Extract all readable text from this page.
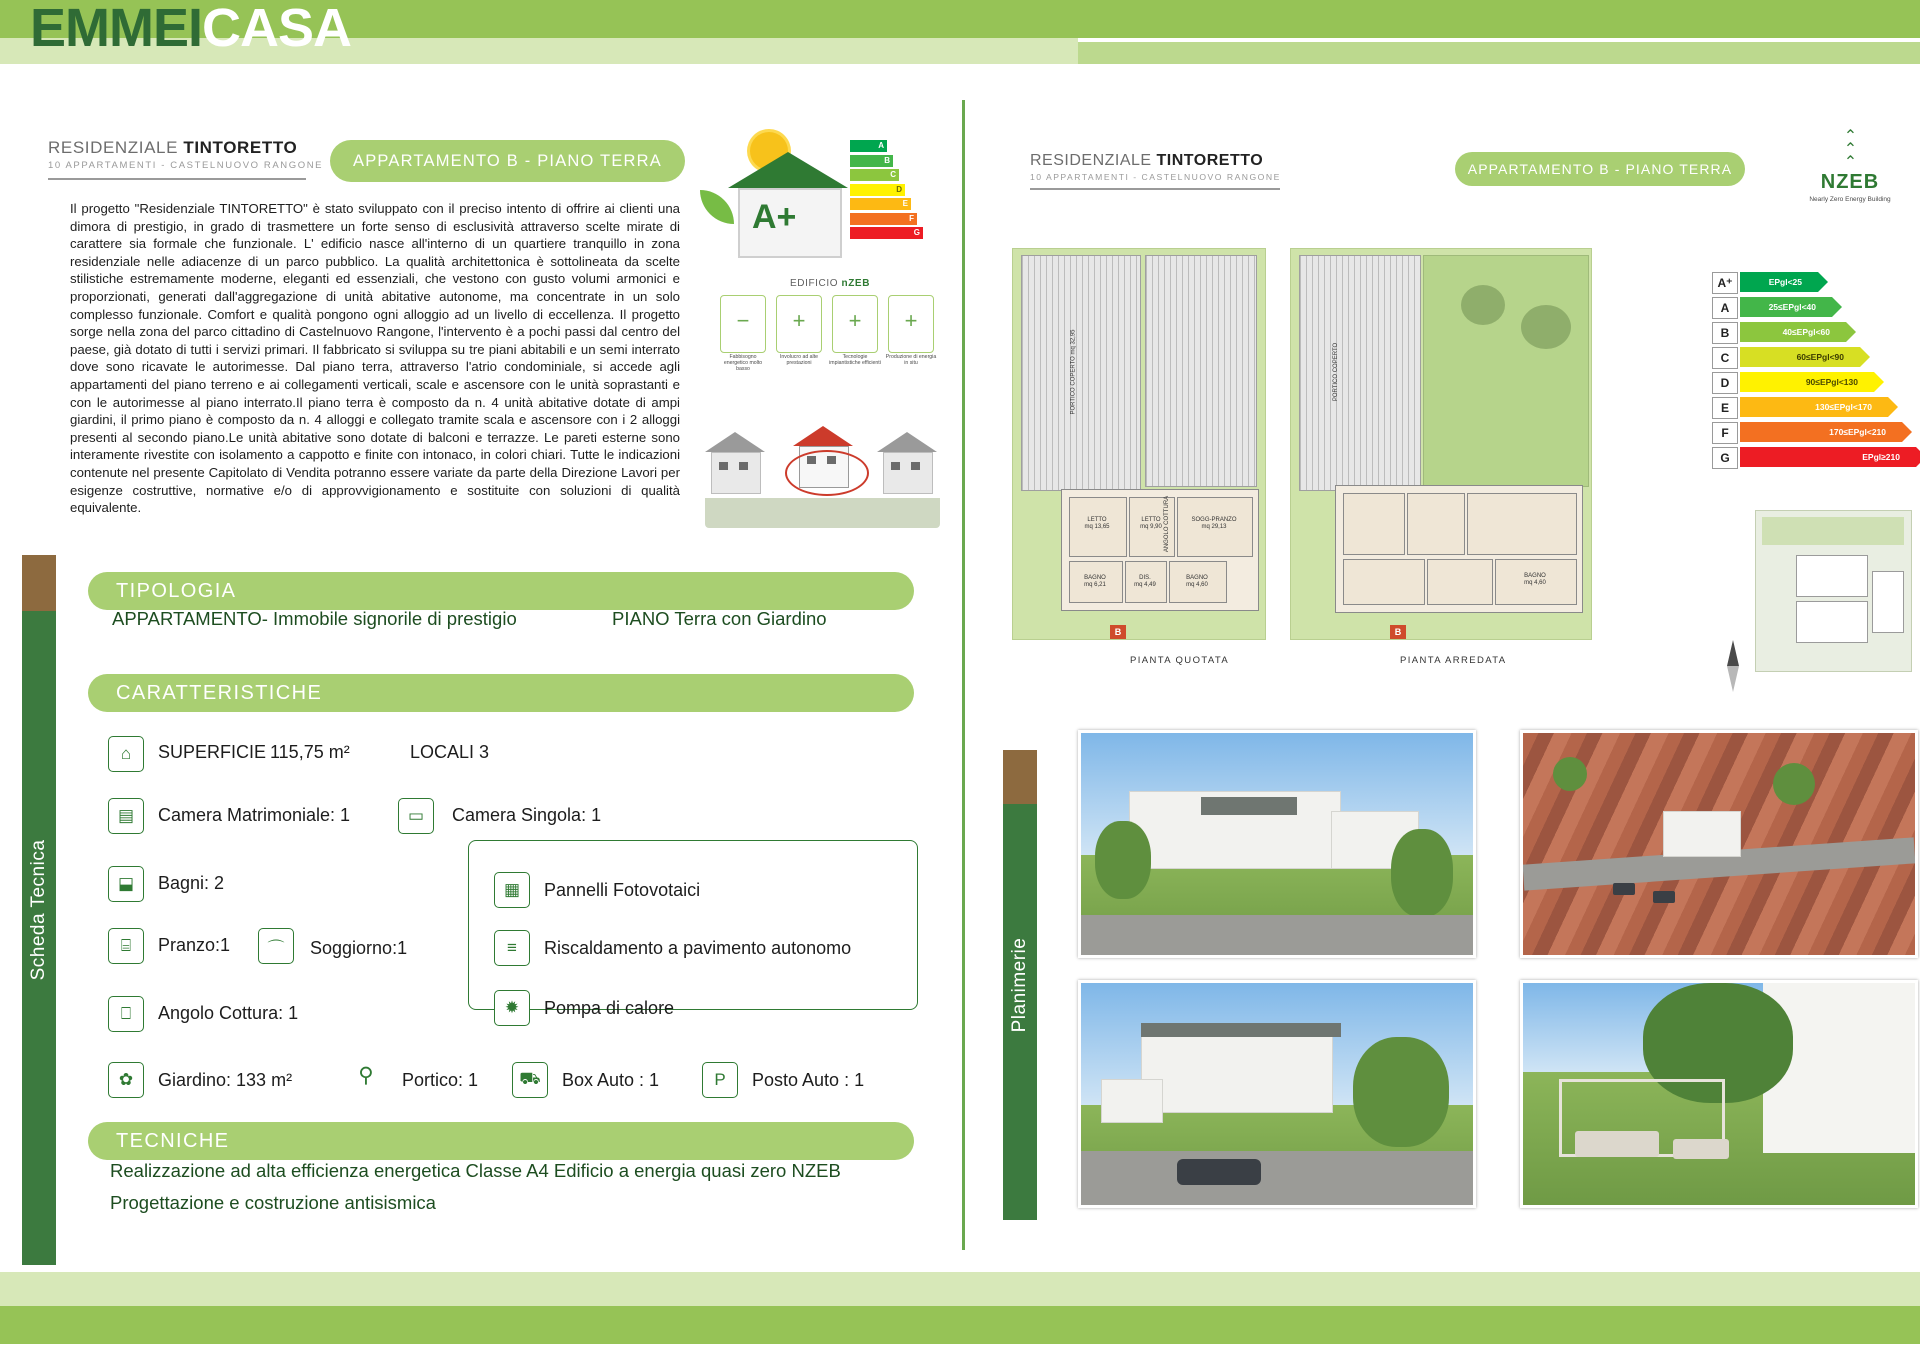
EMMEICASA
Scheda Tecnica
Planimerie
RESIDENZIALE TINTORETTO
10 APPARTAMENTI - CASTELNUOVO RANGONE	APPARTAMENTO B - PIANO TERRA
Il progetto "Residenziale TINTORETTO" è stato sviluppato con il preciso intento di offrire ai clienti una dimora di prestigio, in grado di trasmettere un forte senso di esclusività attraverso scelte mirate di carattere sia formale che funzionale. L' edificio nasce all'interno di un quartiere tranquillo in zona residenziale nelle adiacenze di un parco pubblico. La qualità architettonica è sottolineata da scelte stilistiche estremamente moderne, eleganti ed essenziali, che vestono con gusto volumi armonici e proporzionati, generati dall'aggregazione di unità abitative autonome, ma concentrate in un solo complesso funzionale. Comfort e qualità pongono ogni alloggio ad un livello di eccellenza. Il progetto sorge nella zona del parco cittadino di Castelnuovo Rangone, l'intervento è a pochi passi dal centro del paese, già dotato di tutti i servizi primari. Il fabbricato si sviluppa su tre piani abitabili e un semi interrato dove sono ricavate le autorimesse. Dal piano terra, attraverso l'atrio condominiale, si accede agli appartamenti del piano terreno e ai collegamenti verticali, scale e ascensore con le unità soprastanti e con le autorimesse al piano interrato.Il piano terra è composto da n. 4 unità abitative dotate di ampi giardini, il primo piano è composto da n. 4 alloggi e collegato tramite scala e ascensore con i 2 alloggi presenti al secondo piano.Le unità abitative sono dotate di balconi e terrazze. Le pareti esterne sono interamente rivestite con isolamento a cappotto e finite con intonaco, in colori chiari. Tutte le indicazioni contenute nel presente Capitolato di Vendita potranno essere variate da parte della Direzione Lavori per esigenze costruttive, normative e/o di approvvigionamento e sostituite con soluzioni di qualità equivalente.
A+
A
B
C
D
E
F
G
EDIFICIO nZEB
−
Fabbisogno energetico molto basso
+
Involucro ad alte prestazioni
+
Tecnologie impiantistiche efficienti
+
Produzione di energia in situ
TIPOLOGIA
APPARTAMENTO- Immobile signorile di prestigio	PIANO Terra con Giardino
CARATTERISTICHE
⌂	SUPERFICIE 115,75 m²	LOCALI 3
▤	Camera Matrimoniale: 1	▭	Camera Singola: 1
⬓	Bagni: 2
⌸	Pranzo:1	⌒	Soggiorno:1
⎕	Angolo Cottura: 1
✿	Giardino: 133 m²	⚲	Portico: 1	⛟	Box Auto : 1	P	Posto Auto : 1
▦	Pannelli Fotovotaici
≡	Riscaldamento a pavimento autonomo
✹	Pompa di calore
TECNICHE
Realizzazione ad alta efficienza energetica Classe A4 Edificio a energia quasi zero NZEB
Progettazione e costruzione antisismica
RESIDENZIALE TINTORETTO
10 APPARTAMENTI - CASTELNUOVO RANGONE	APPARTAMENTO B - PIANO TERRA
⌃
⌃
⌃
NZEB
Nearly Zero Energy Building
A⁺	EPgl<25
A	25≤EPgl<40
B	40≤EPgl<60
C	60≤EPgl<90
D	90≤EPgl<130
E	130≤EPgl<170
F	170≤EPgl<210
G	EPgl≥210
LETTO
mq 13,65
LETTO
mq 9,90
SOGG-PRANZO
mq 29,13
BAGNO
mq 6,21
DIS.
mq 4,49
BAGNO
mq 4,60
PORTICO COPERTO mq 32,95
ANGOLO COTTURA
B
PIANTA QUOTATA
BAGNO
mq 4,60
PORTICO COPERTO
B
PIANTA ARREDATA
